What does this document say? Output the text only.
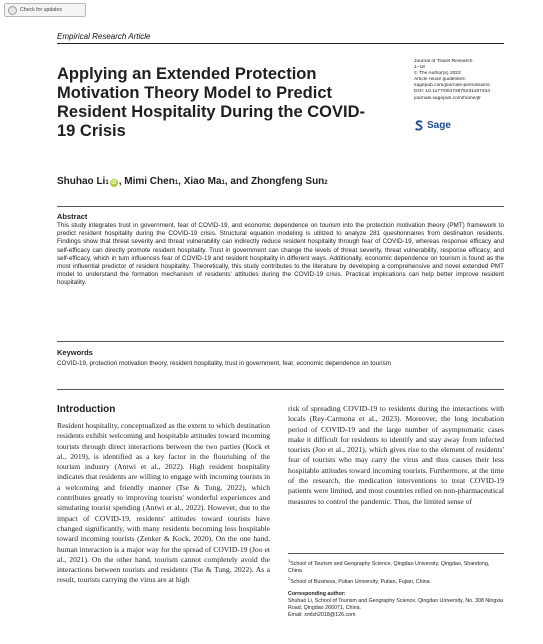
Check for updates
Empirical Research Article
Applying an Extended Protection Motivation Theory Model to Predict Resident Hospitality During the COVID-19 Crisis
Journal of Travel Research
1–18
© The Author(s) 2023
Article reuse guidelines:
sagepub.com/journals-permissions
DOI: 10.1177/00472875231187334
journals.sagepub.com/home/jtr
Sage
Shuhao Li 1 iD , Mimi Chen 1 , Xiao Ma 1 , and Zhongfeng Sun 2
Abstract

This study integrates trust in government, fear of COVID-19, and economic dependence on tourism into the protection motivation theory (PMT) framework to predict resident hospitality during the COVID-19 crisis. Structural equation modeling is utilized to analyze 281 questionnaires from destination residents. Findings show that threat severity and threat vulnerability can indirectly reduce resident hospitality through fear of COVID-19, whereas response efficacy and self-efficacy can directly promote resident hospitality. Trust in government can change the levels of threat severity, threat vulnerability, response efficacy, and self-efficacy, which in turn influences fear of COVID-19 and resident hospitality in different ways. Additionally, economic dependence on tourism is found as the most influential predictor of resident hospitality. Theoretically, this study contributes to the literature by developing a comprehensive and novel extended PMT model to understand the formation mechanism of residents' attitudes during the COVID-19 crisis. Practical implications can help better improve resident hospitality.

Keywords

COVID-19, protection motivation theory, resident hospitality, trust in government, fear, economic dependence on tourism

Introduction

Resident hospitality, conceptualized as the extent to which destination residents exhibit welcoming and hospitable attitudes toward incoming tourists through direct interactions between the two parties (Kock et al., 2019), is identified as a key factor in the flourishing of the tourism industry (Antwi et al., 2022). High resident hospitality indicates that residents are willing to engage with incoming tourists in a welcoming and friendly manner (Tse & Tung, 2022), which contributes greatly to improving tourists' wonderful experiences and simulating tourist spending (Antwi et al., 2022). However, due to the impact of COVID-19, residents' attitudes toward tourists have changed significantly, with many residents becoming less hospitable toward incoming tourists (Zenker & Kock, 2020). On the one hand, human interaction is a major way for the spread of COVID-19 (Joo et al., 2021). On the other hand, tourism cannot completely avoid the interactions between tourists and residents (Tse & Tung, 2022). As a result, tourists carrying the virus are at high

risk of spreading COVID-19 to residents during the interactions with locals (Rey-Carmona et al., 2023). Moreover, the long incubation period of COVID-19 and the large number of asymptomatic cases make it difficult for residents to identify and stay away from infected tourists (Joo et al., 2021), which gives rise to the element of residents' fear of tourists who may carry the virus and thus causes their less hospitable attitudes toward incoming tourists. Furthermore, at the time of the research, the medication interventions to treat COVID-19 patients were limited, and most countries relied on non-pharmaceutical measures to control the pandemic. Thus, the limited sense of

$^1$School of Tourism and Geography Science, Qingdao University, Qingdao, Shandong, China
$^2$School of Business, Putian University, Putian, Fujian, China
Corresponding author:
Shuhao Li, School of Tourism and Geography Science, Qingdao University, No. 308 Ningxia Road, Qingdao 266071, China.
Email: xmlsh2018@126.com
